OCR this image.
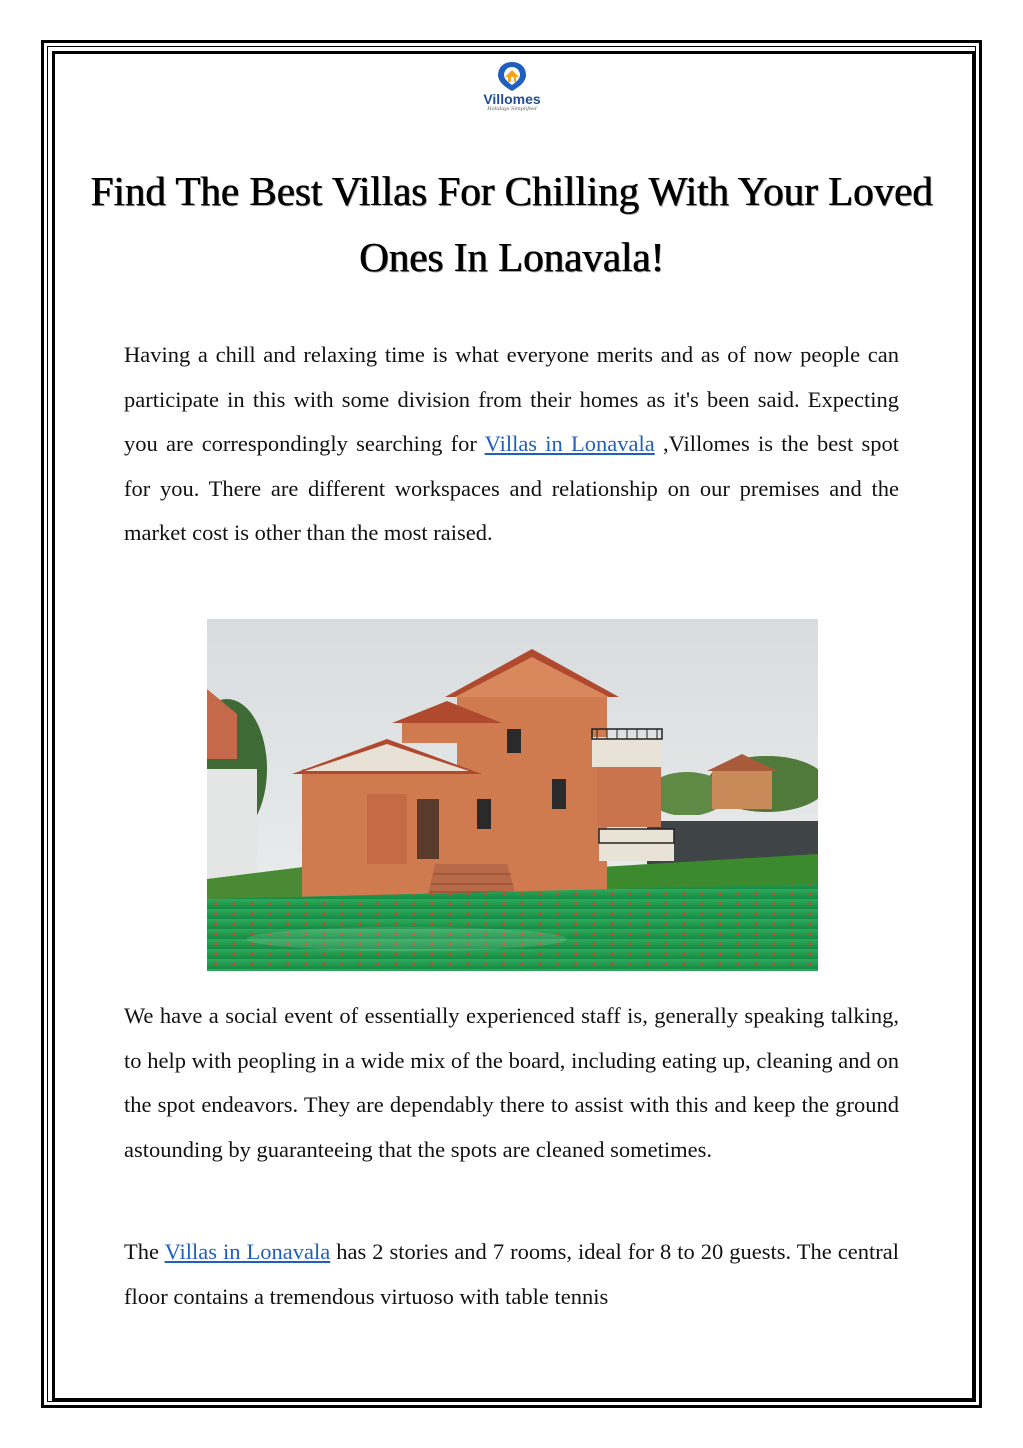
Villomes
Holidays Simplified
Find The Best Villas For Chilling With Your Loved Ones In Lonavala!

Having a chill and relaxing time is what everyone merits and as of now people can participate in this with some division from their homes as it's been said. Expecting you are correspondingly searching for Villas in Lonavala ,Villomes is the best spot for you. There are different workspaces and relationship on our premises and the market cost is other than the most raised.

We have a social event of essentially experienced staff is, generally speaking talking, to help with peopling in a wide mix of the board, including eating up, cleaning and on the spot endeavors. They are dependably there to assist with this and keep the ground astounding by guaranteeing that the spots are cleaned sometimes.

The Villas in Lonavala has 2 stories and 7 rooms, ideal for 8 to 20 guests. The central floor contains a tremendous virtuoso with table tennis
